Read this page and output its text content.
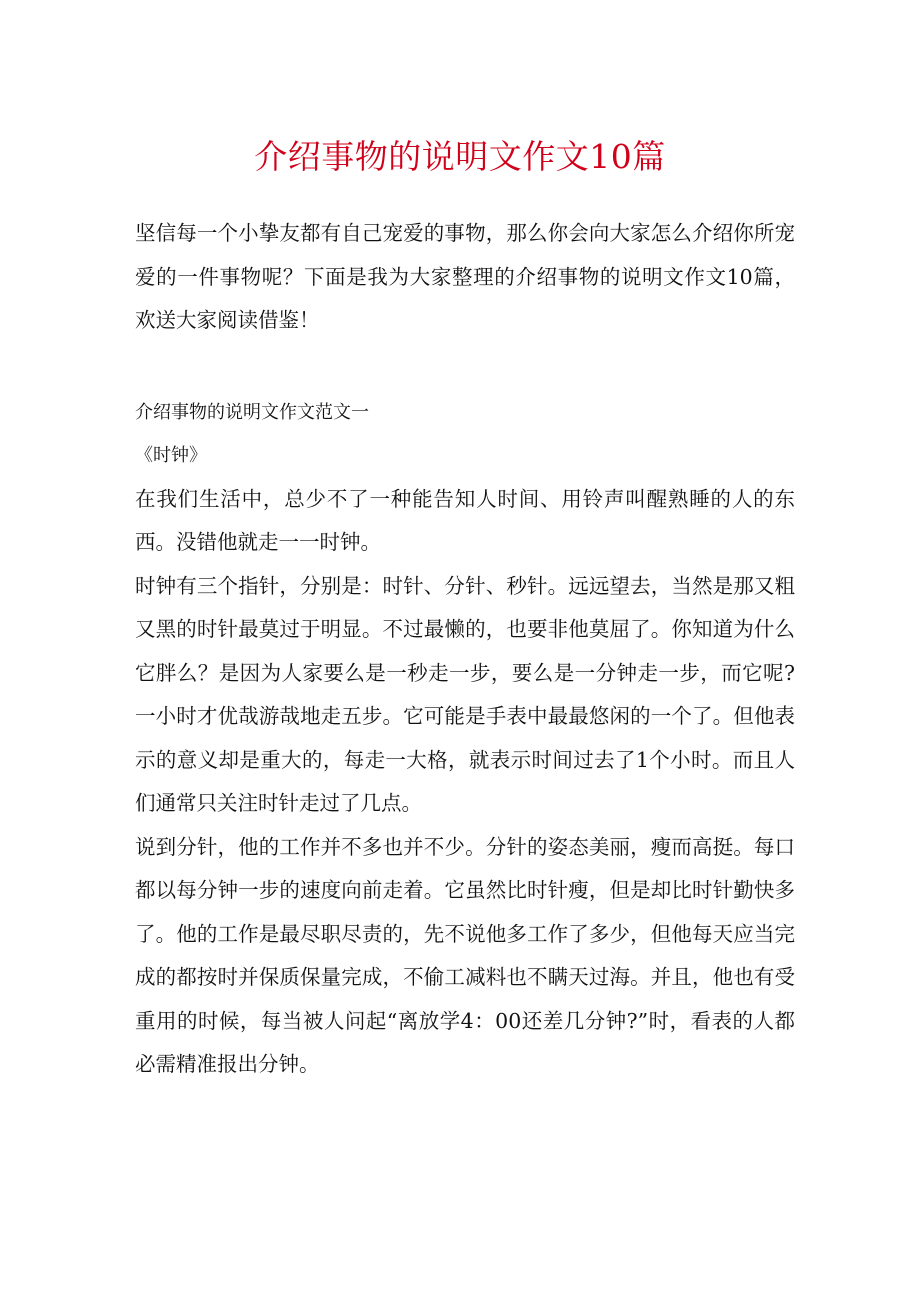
介绍事物的说明文作文10篇

坚信每一个小挚友都有自己宠爱的事物，那么你会向大家怎么介绍你所宠爱的一件事物呢？下面是我为大家整理的介绍事物的说明文作文10篇，欢送大家阅读借鉴！

介绍事物的说明文作文范文一

《时钟》

在我们生活中，总少不了一种能告知人时间、用铃声叫醒熟睡的人的东西。没错他就走一一时钟。

时钟有三个指针，分别是：时针、分针、秒针。远远望去，当然是那又粗又黑的时针最莫过于明显。不过最懒的，也要非他莫屈了。你知道为什么它胖么？是因为人家要么是一秒走一步，要么是一分钟走一步，而它呢?一小时才优哉游哉地走五步。它可能是手表中最最悠闲的一个了。但他表示的意义却是重大的，每走一大格，就表示时间过去了1个小时。而且人们通常只关注时针走过了几点。

说到分针，他的工作并不多也并不少。分针的姿态美丽，瘦而高挺。每口都以每分钟一步的速度向前走着。它虽然比时针瘦，但是却比时针勤快多了。他的工作是最尽职尽责的，先不说他多工作了多少，但他每天应当完成的都按时并保质保量完成，不偷工减料也不瞒天过海。并且，他也有受重用的时候，每当被人问起“离放学4：00还差几分钟?”时，看表的人都必需精准报出分钟。
